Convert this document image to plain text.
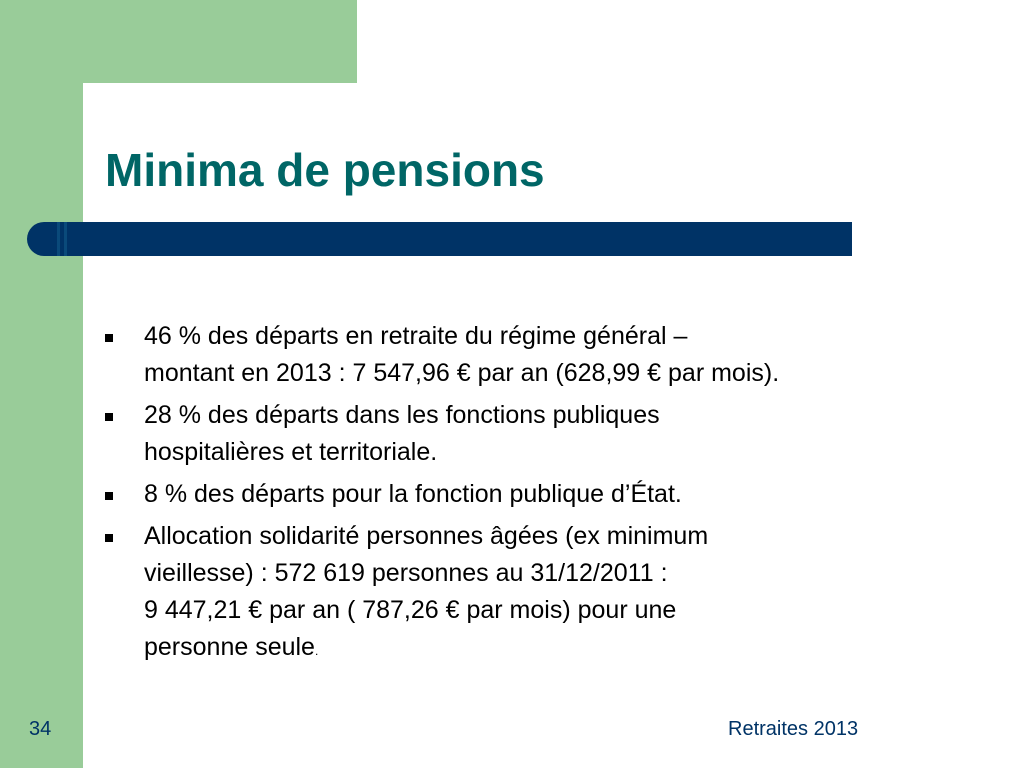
Minima de pensions
46 % des départs en retraite du régime général –
montant en 2013 : 7 547,96 € par an (628,99 € par mois).
28 % des départs dans les fonctions publiques
hospitalières et territoriale.
8 % des départs pour la fonction publique d’État.
Allocation solidarité personnes âgées (ex minimum
vieillesse) : 572 619 personnes au 31/12/2011 :
9 447,21 € par an ( 787,26 € par mois) pour une
personne seule.
34	Retraites 2013
